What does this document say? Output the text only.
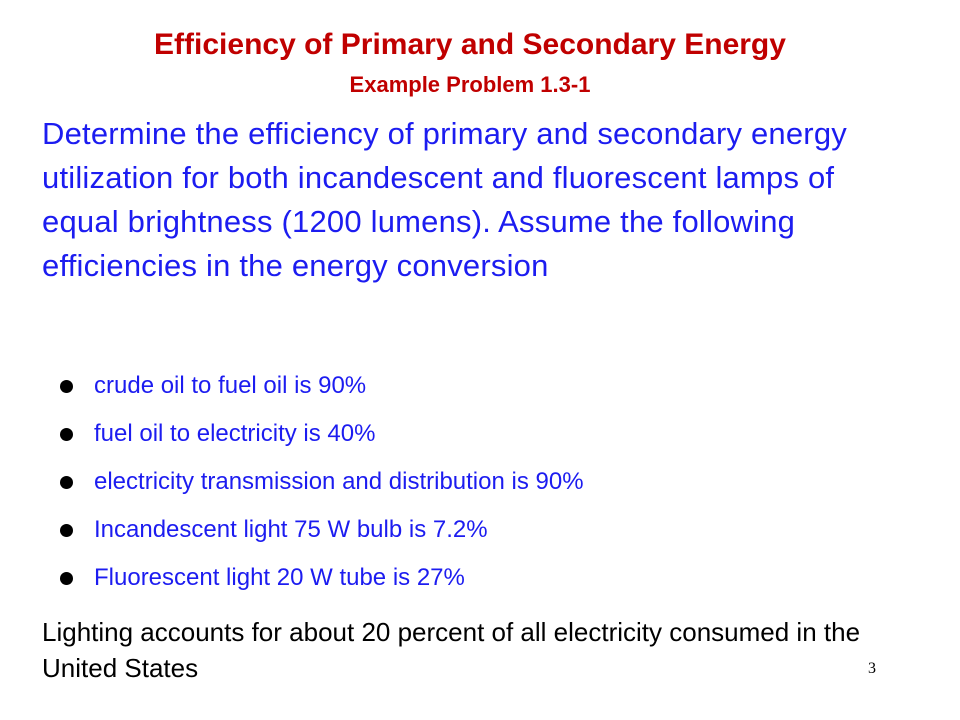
Efficiency of Primary and Secondary Energy
Example Problem 1.3-1
Determine the efficiency of primary and secondary energy utilization for both incandescent and fluorescent lamps of equal brightness (1200 lumens). Assume the following efficiencies in the energy conversion
crude oil to fuel oil is 90%
fuel oil to electricity is 40%
electricity transmission and distribution is 90%
Incandescent light 75 W bulb is 7.2%
Fluorescent light 20 W tube is 27%
Lighting accounts for about 20 percent of all electricity consumed in the United States	3
